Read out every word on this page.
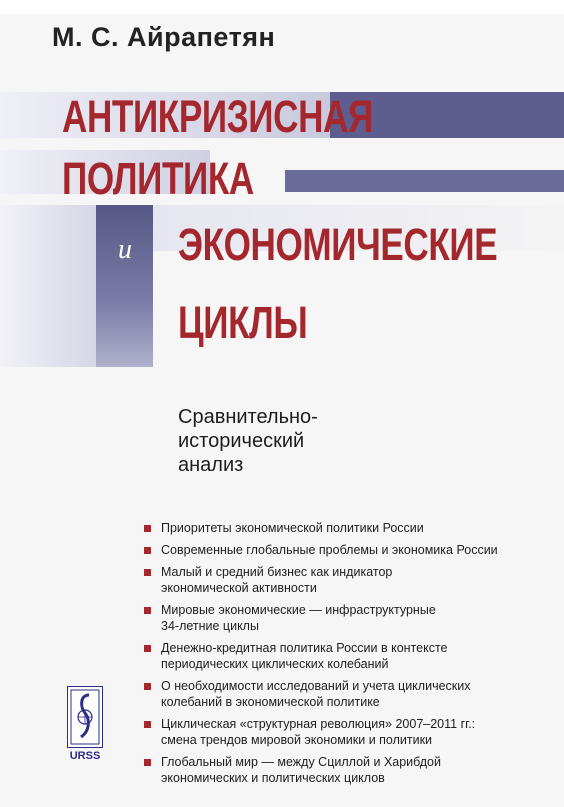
М. С. Айрапетян
АНТИКРИЗИСНАЯ
ПОЛИТИКА
и ЭКОНОМИЧЕСКИЕ
ЦИКЛЫ
Сравнительно-
исторический
анализ
Приоритеты экономической политики России
Современные глобальные проблемы и экономика России
Малый и средний бизнес как индикатор
экономической активности
Мировые экономические — инфраструктурные
34-летние циклы
Денежно-кредитная политика России в контексте
периодических циклических колебаний
О необходимости исследований и учета циклических
колебаний в экономической политике
Циклическая «структурная революция» 2007–2011 гг.:
смена трендов мировой экономики и политики
Глобальный мир — между Сциллой и Харибдой
экономических и политических циклов
URSS
